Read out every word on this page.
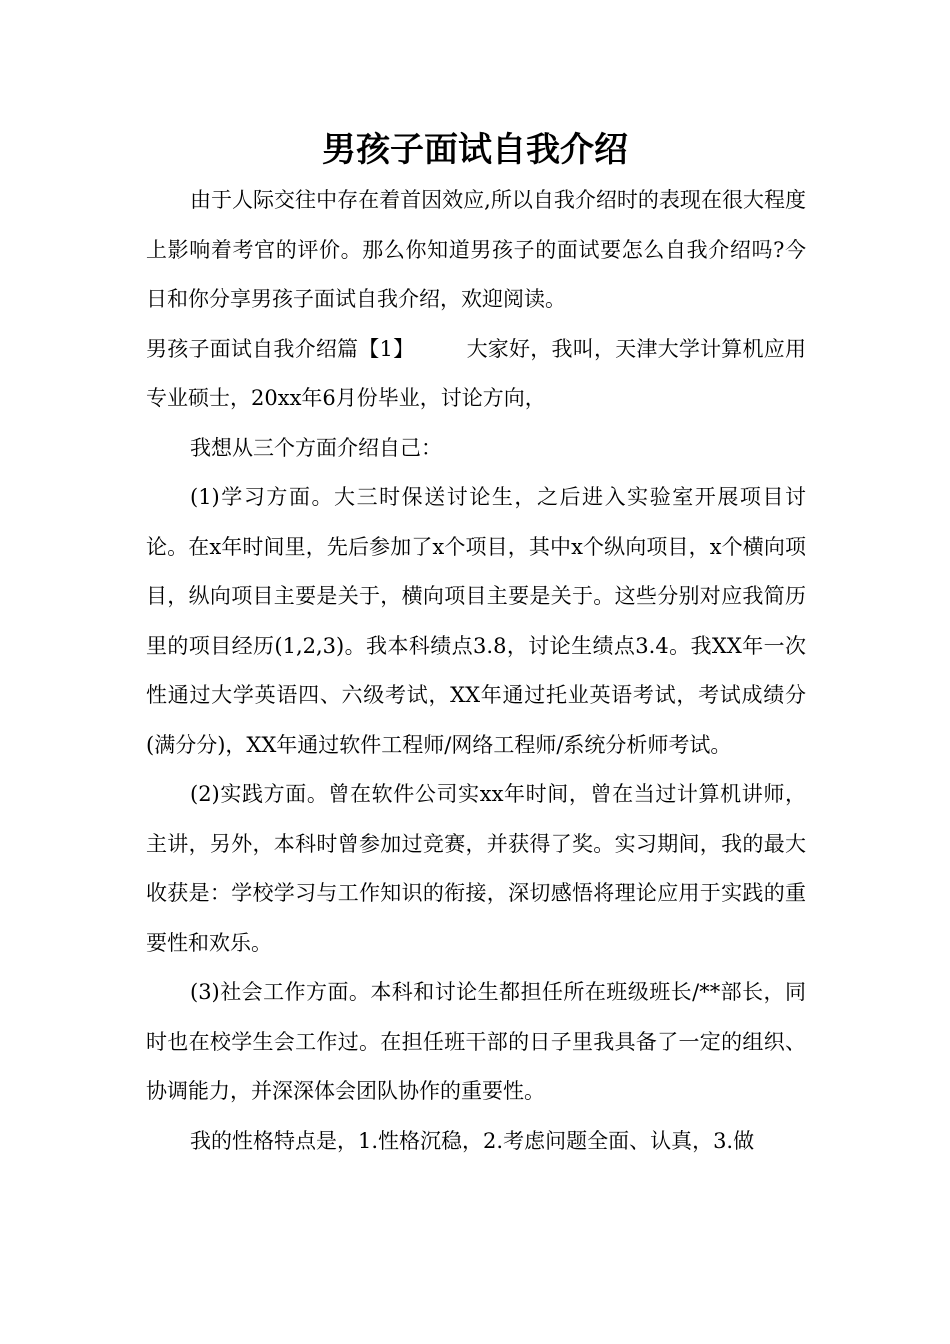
男孩子面试自我介绍

由于人际交往中存在着首因效应,所以自我介绍时的表现在很大程度上影响着考官的评价。那么你知道男孩子的面试要怎么自我介绍吗?今日和你分享男孩子面试自我介绍，欢迎阅读。

男孩子面试自我介绍篇【1】 大家好，我叫，天津大学计算机应用专业硕士，20xx年6月份毕业，讨论方向，

我想从三个方面介绍自己：

(1)学习方面。大三时保送讨论生，之后进入实验室开展项目讨论。在x年时间里，先后参加了x个项目，其中x个纵向项目，x个横向项目，纵向项目主要是关于，横向项目主要是关于。这些分别对应我简历里的项目经历(1,2,3)。我本科绩点3.8，讨论生绩点3.4。我XX年一次性通过大学英语四、六级考试，XX年通过托业英语考试，考试成绩分(满分分)，XX年通过软件工程师/网络工程师/系统分析师考试。

(2)实践方面。曾在软件公司实xx年时间，曾在当过计算机讲师，主讲，另外，本科时曾参加过竞赛，并获得了奖。实习期间，我的最大收获是：学校学习与工作知识的衔接，深切感悟将理论应用于实践的重要性和欢乐。

(3)社会工作方面。本科和讨论生都担任所在班级班长/**部长，同时也在校学生会工作过。在担任班干部的日子里我具备了一定的组织、协调能力，并深深体会团队协作的重要性。

我的性格特点是，1.性格沉稳，2.考虑问题全面、认真，3.做
